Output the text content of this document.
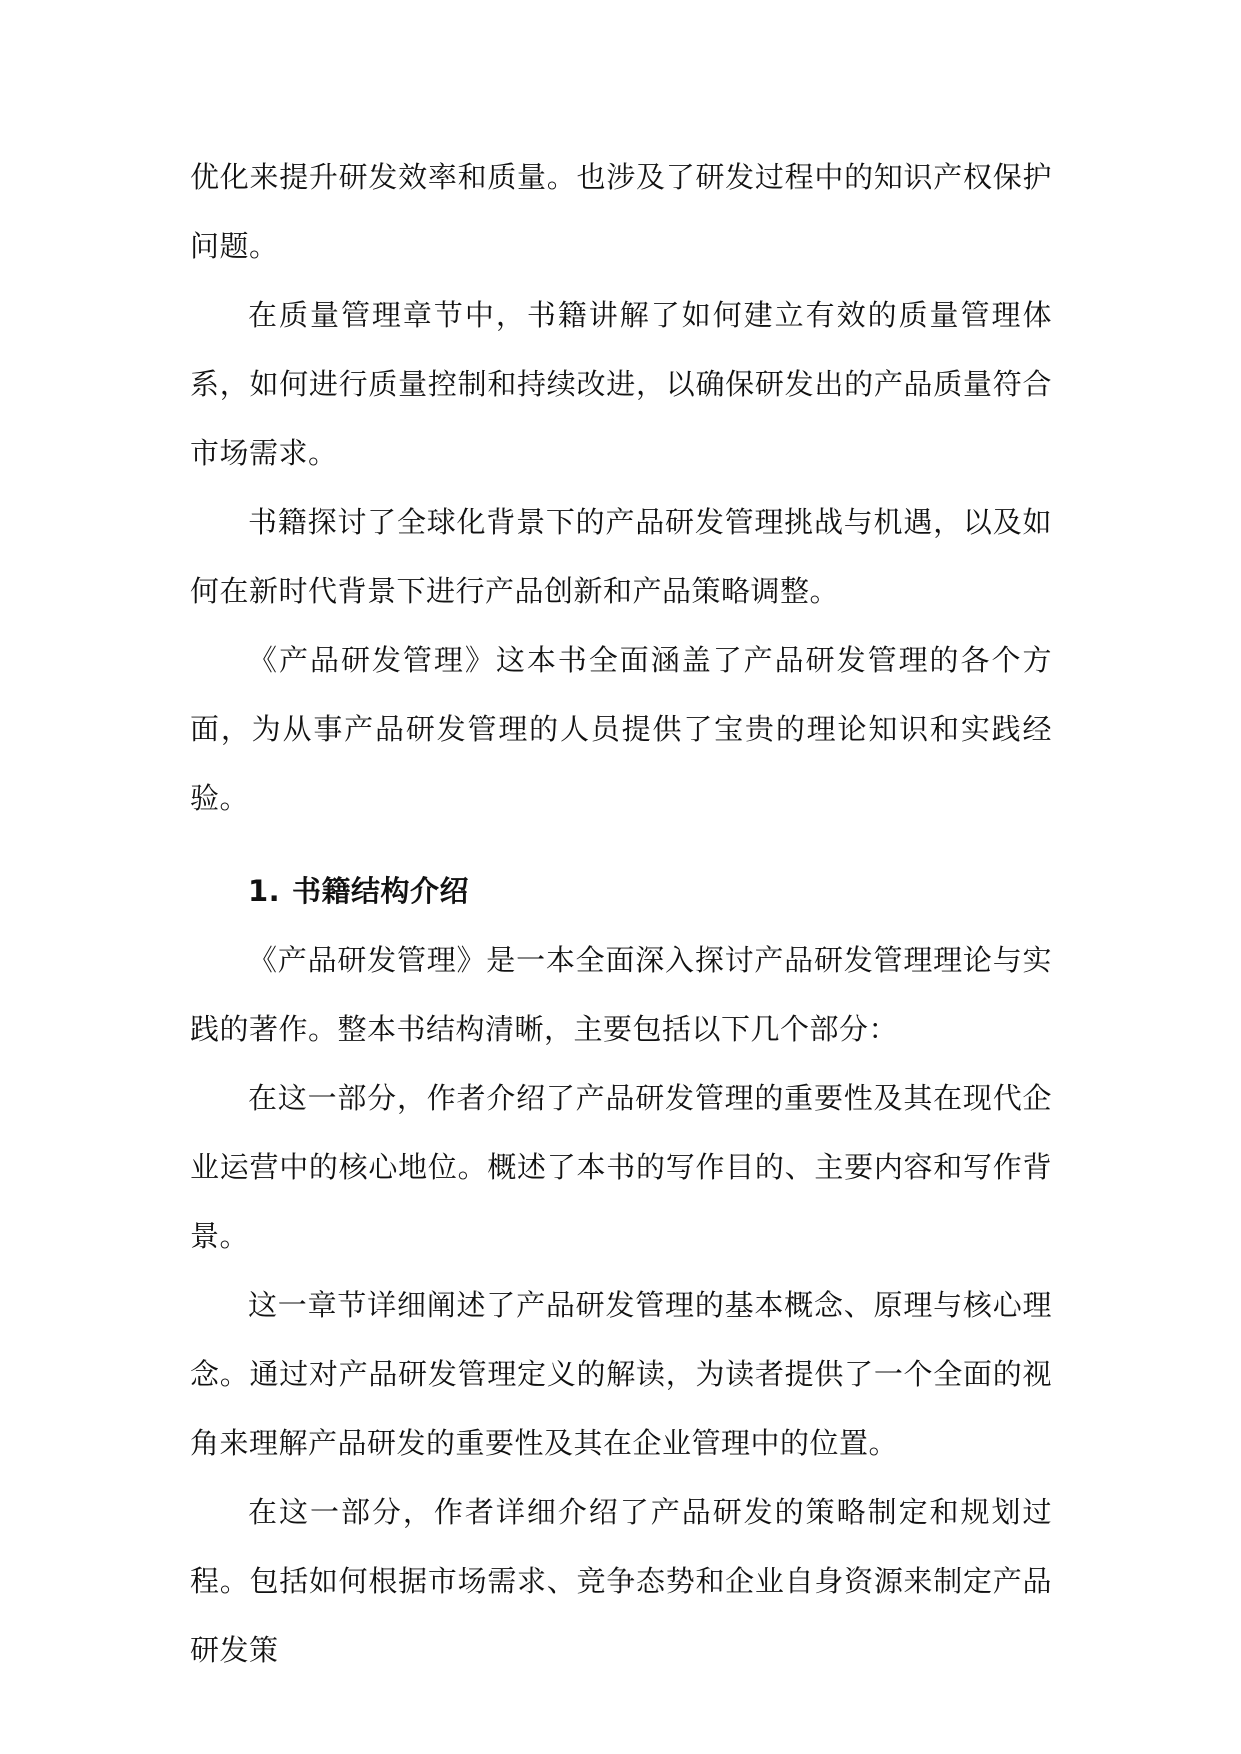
优化来提升研发效率和质量。也涉及了研发过程中的知识产权保护问题。

在质量管理章节中，书籍讲解了如何建立有效的质量管理体系，如何进行质量控制和持续改进，以确保研发出的产品质量符合市场需求。

书籍探讨了全球化背景下的产品研发管理挑战与机遇，以及如何在新时代背景下进行产品创新和产品策略调整。

《产品研发管理》这本书全面涵盖了产品研发管理的各个方面，为从事产品研发管理的人员提供了宝贵的理论知识和实践经验。

1. 书籍结构介绍

《产品研发管理》是一本全面深入探讨产品研发管理理论与实践的著作。整本书结构清晰，主要包括以下几个部分：

在这一部分，作者介绍了产品研发管理的重要性及其在现代企业运营中的核心地位。概述了本书的写作目的、主要内容和写作背景。

这一章节详细阐述了产品研发管理的基本概念、原理与核心理念。通过对产品研发管理定义的解读，为读者提供了一个全面的视角来理解产品研发的重要性及其在企业管理中的位置。

在这一部分，作者详细介绍了产品研发的策略制定和规划过程。包括如何根据市场需求、竞争态势和企业自身资源来制定产品研发策
